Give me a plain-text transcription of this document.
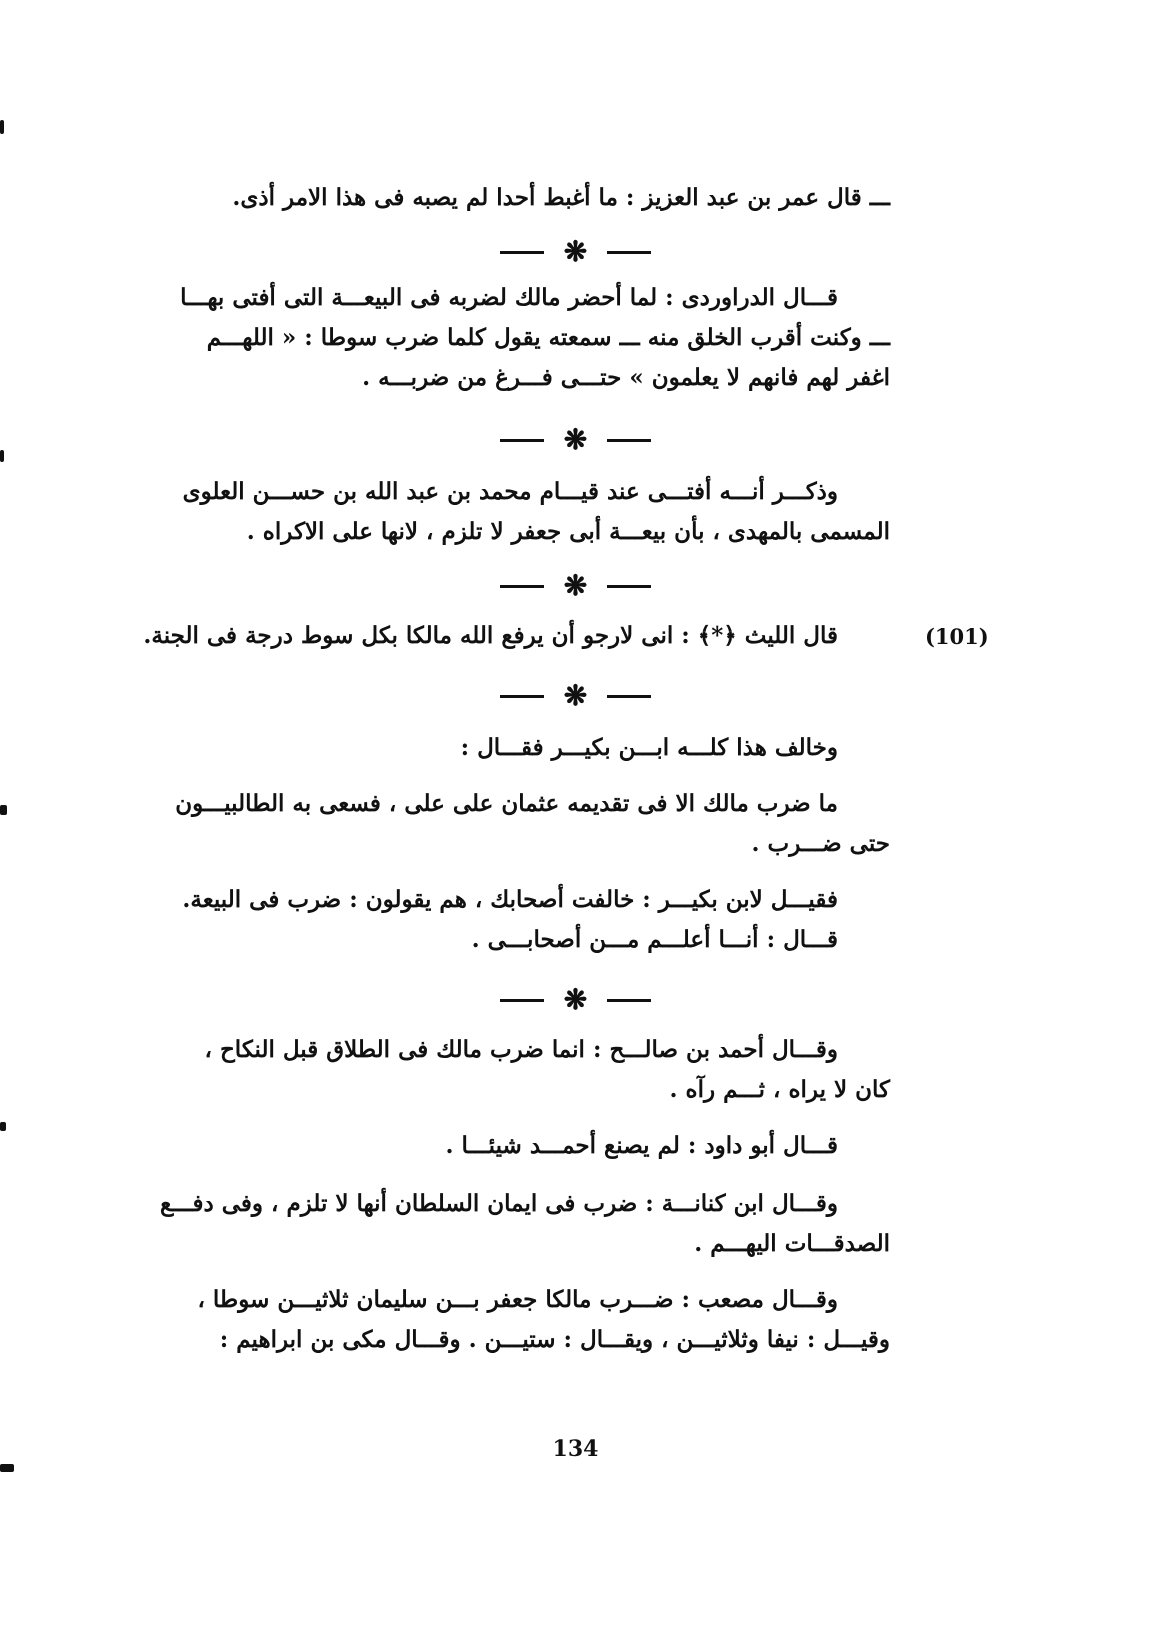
ـــ قال عمر بن عبد العزيز : ما أغبط أحدا لم يصبه فى هذا الامر أذى.
❋
قـــال الدراوردى : لما أحضر مالك لضربه فى البيعـــة التى أفتى بهـــا
ـــ وكنت أقرب الخلق منه ـــ سمعته يقول كلما ضرب سوطا : « اللهـــم
اغفر لهم فانهم لا يعلمون » حتـــى فـــرغ من ضربـــه .
❋
وذكـــر أنـــه أفتـــى عند قيـــام محمد بن عبد الله بن حســـن العلوى
المسمى بالمهدى ، بأن بيعـــة أبى جعفر لا تلزم ، لانها على الاكراه .
❋
قال الليث ﴿*﴾ : انى لارجو أن يرفع الله مالكا بكل سوط درجة فى الجنة.	(101)
❋
وخالف هذا كلـــه ابـــن بكيـــر فقـــال :
ما ضرب مالك الا فى تقديمه عثمان على على ، فسعى به الطالبيـــون
حتى ضـــرب .
فقيـــل لابن بكيـــر : خالفت أصحابك ، هم يقولون : ضرب فى البيعة.
قـــال : أنـــا أعلـــم مـــن أصحابـــى .
❋
وقـــال أحمد بن صالـــح : انما ضرب مالك فى الطلاق قبل النكاح ،
كان لا يراه ، ثـــم رآه .
قـــال أبو داود : لم يصنع أحمـــد شيئـــا .
وقـــال ابن كنانـــة : ضرب فى ايمان السلطان أنها لا تلزم ، وفى دفـــع
الصدقـــات اليهـــم .
وقـــال مصعب : ضـــرب مالكا جعفر بـــن سليمان ثلاثيـــن سوطا ،
وقيـــل : نيفا وثلاثيـــن ، ويقـــال : ستيـــن . وقـــال مكى بن ابراهيم :
134
